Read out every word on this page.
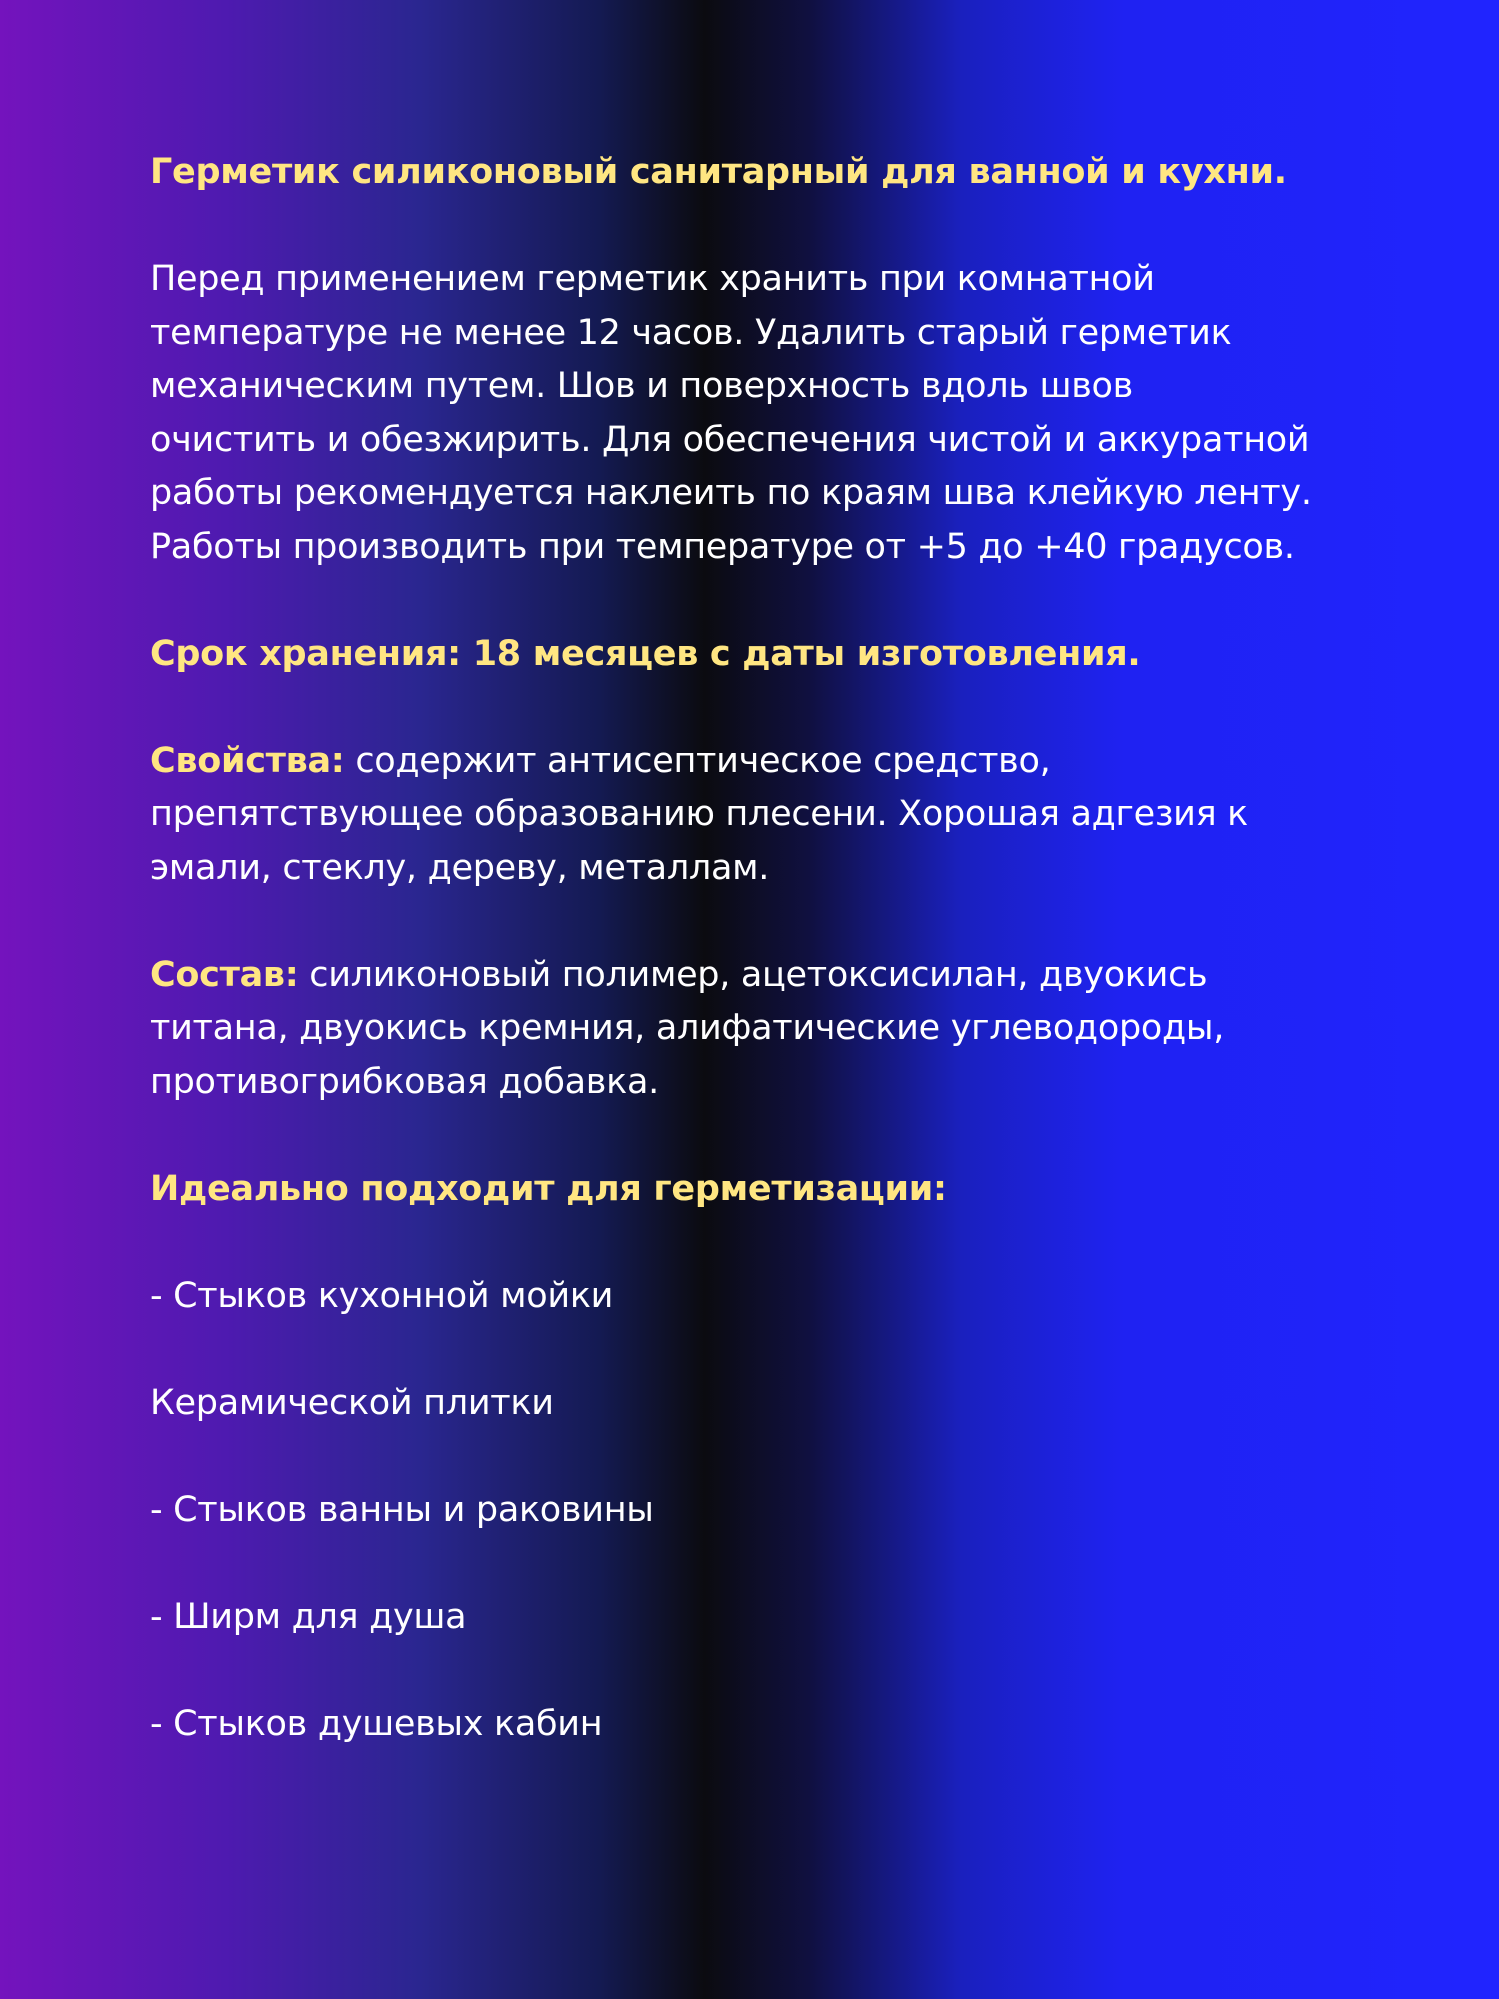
Герметик силиконовый санитарный для ванной и кухни.
Перед применением герметик хранить при комнатной
температуре не менее 12 часов. Удалить старый герметик
механическим путем. Шов и поверхность вдоль швов
очистить и обезжирить. Для обеспечения чистой и аккуратной
работы рекомендуется наклеить по краям шва клейкую ленту.
Работы производить при температуре от +5 до +40 градусов.
Срок хранения: 18 месяцев с даты изготовления.
Свойства: содержит антисептическое средство,
препятствующее образованию плесени. Хорошая адгезия к
эмали, стеклу, дереву, металлам.
Состав: силиконовый полимер, ацетоксисилан, двуокись
титана, двуокись кремния, алифатические углеводороды,
противогрибковая добавка.
Идеально подходит для герметизации:
- Стыков кухонной мойки
Керамической плитки
- Стыков ванны и раковины
- Ширм для душа
- Стыков душевых кабин
